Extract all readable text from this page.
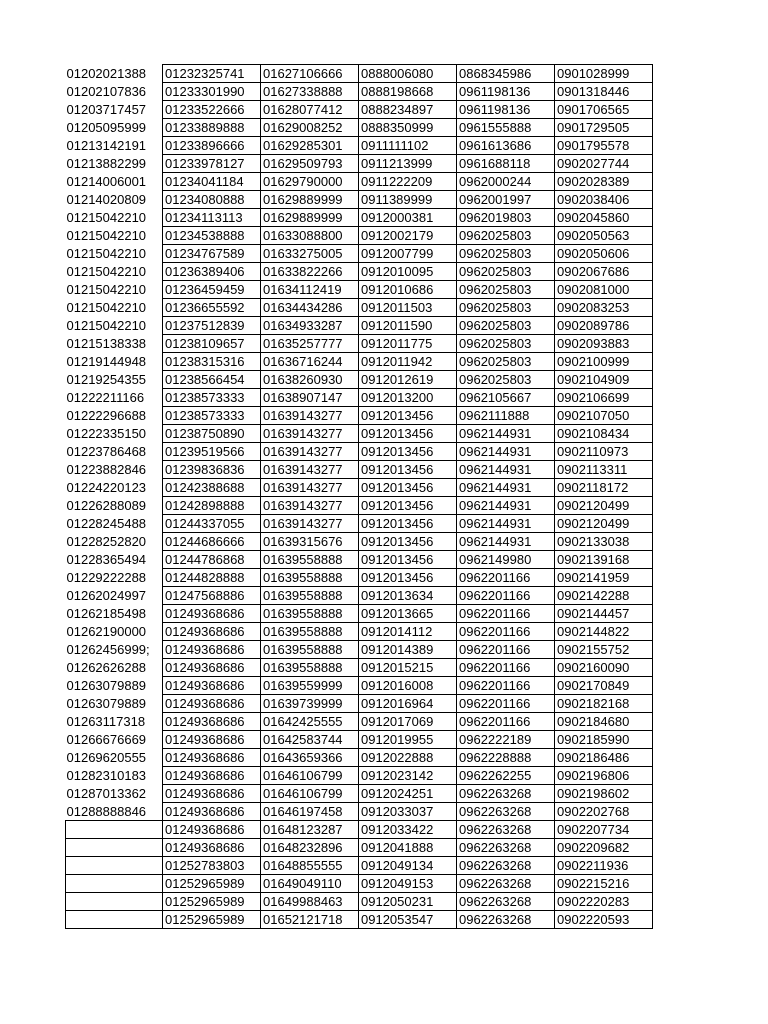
01202021388	01232325741	01627106666	0888006080	0868345986	0901028999
01202107836	01233301990	01627338888	0888198668	0961198136	0901318446
01203717457	01233522666	01628077412	0888234897	0961198136	0901706565
01205095999	01233889888	01629008252	0888350999	0961555888	0901729505
01213142191	01233896666	01629285301	0911111102	0961613686	0901795578
01213882299	01233978127	01629509793	0911213999	0961688118	0902027744
01214006001	01234041184	01629790000	0911222209	0962000244	0902028389
01214020809	01234080888	01629889999	0911389999	0962001997	0902038406
01215042210	01234113113	01629889999	0912000381	0962019803	0902045860
01215042210	01234538888	01633088800	0912002179	0962025803	0902050563
01215042210	01234767589	01633275005	0912007799	0962025803	0902050606
01215042210	01236389406	01633822266	0912010095	0962025803	0902067686
01215042210	01236459459	01634112419	0912010686	0962025803	0902081000
01215042210	01236655592	01634434286	0912011503	0962025803	0902083253
01215042210	01237512839	01634933287	0912011590	0962025803	0902089786
01215138338	01238109657	01635257777	0912011775	0962025803	0902093883
01219144948	01238315316	01636716244	0912011942	0962025803	0902100999
01219254355	01238566454	01638260930	0912012619	0962025803	0902104909
01222211166	01238573333	01638907147	0912013200	0962105667	0902106699
01222296688	01238573333	01639143277	0912013456	0962111888	0902107050
01222335150	01238750890	01639143277	0912013456	0962144931	0902108434
01223786468	01239519566	01639143277	0912013456	0962144931	0902110973
01223882846	01239836836	01639143277	0912013456	0962144931	0902113311
01224220123	01242388688	01639143277	0912013456	0962144931	0902118172
01226288089	01242898888	01639143277	0912013456	0962144931	0902120499
01228245488	01244337055	01639143277	0912013456	0962144931	0902120499
01228252820	01244686666	01639315676	0912013456	0962144931	0902133038
01228365494	01244786868	01639558888	0912013456	0962149980	0902139168
01229222288	01244828888	01639558888	0912013456	0962201166	0902141959
01262024997	01247568886	01639558888	0912013634	0962201166	0902142288
01262185498	01249368686	01639558888	0912013665	0962201166	0902144457
01262190000	01249368686	01639558888	0912014112	0962201166	0902144822
01262456999;	01249368686	01639558888	0912014389	0962201166	0902155752
01262626288	01249368686	01639558888	0912015215	0962201166	0902160090
01263079889	01249368686	01639559999	0912016008	0962201166	0902170849
01263079889	01249368686	01639739999	0912016964	0962201166	0902182168
01263117318	01249368686	01642425555	0912017069	0962201166	0902184680
01266676669	01249368686	01642583744	0912019955	0962222189	0902185990
01269620555	01249368686	01643659366	0912022888	0962228888	0902186486
01282310183	01249368686	01646106799	0912023142	0962262255	0902196806
01287013362	01249368686	01646106799	0912024251	0962263268	0902198602
01288888846	01249368686	01646197458	0912033037	0962263268	0902202768
	01249368686	01648123287	0912033422	0962263268	0902207734
	01249368686	01648232896	0912041888	0962263268	0902209682
	01252783803	01648855555	0912049134	0962263268	0902211936
	01252965989	01649049110	0912049153	0962263268	0902215216
	01252965989	01649988463	0912050231	0962263268	0902220283
	01252965989	01652121718	0912053547	0962263268	0902220593
